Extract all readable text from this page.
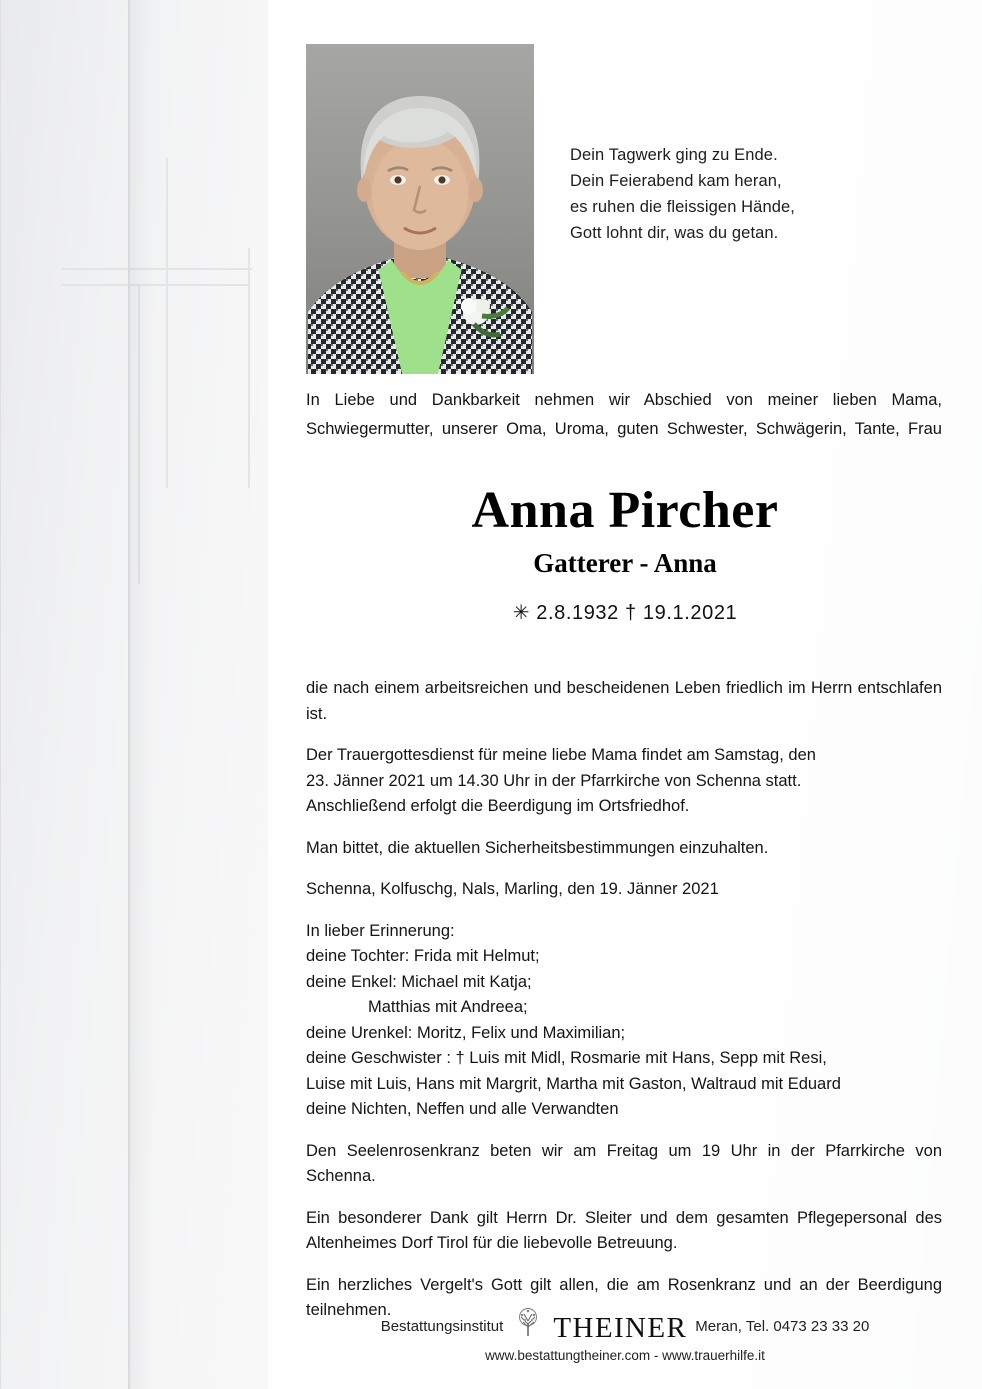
Dein Tagwerk ging zu Ende.
Dein Feierabend kam heran,
es ruhen die fleissigen Hände,
Gott lohnt dir, was du getan.
In Liebe und Dankbarkeit nehmen wir Abschied von meiner lieben Mama, Schwiegermutter, unserer Oma, Uroma, guten Schwester, Schwägerin, Tante, Frau
Anna Pircher
Gatterer - Anna
✳ 2.8.1932 † 19.1.2021
die nach einem arbeitsreichen und bescheidenen Leben friedlich im Herrn entschlafen ist.
Der Trauergottesdienst für meine liebe Mama findet am Samstag, den
23. Jänner 2021 um 14.30 Uhr in der Pfarrkirche von Schenna statt.
Anschließend erfolgt die Beerdigung im Ortsfriedhof.
Man bittet, die aktuellen Sicherheitsbestimmungen einzuhalten.
Schenna, Kolfuschg, Nals, Marling, den 19. Jänner 2021
In lieber Erinnerung:
deine Tochter: Frida mit Helmut;
deine Enkel: Michael mit Katja;
Matthias mit Andreea;
deine Urenkel: Moritz, Felix und Maximilian;
deine Geschwister : † Luis mit Midl, Rosmarie mit Hans, Sepp mit Resi,
Luise mit Luis, Hans mit Margrit, Martha mit Gaston, Waltraud mit Eduard
deine Nichten, Neffen und alle Verwandten
Den Seelenrosenkranz beten wir am Freitag um 19 Uhr in der Pfarrkirche von Schenna.
Ein besonderer Dank gilt Herrn Dr. Sleiter und dem gesamten Pflegepersonal des Altenheimes Dorf Tirol für die liebevolle Betreuung.
Ein herzliches Vergelt's Gott gilt allen, die am Rosenkranz und an der Beerdigung teilnehmen.
Bestattungsinstitut	THEINER Meran, Tel. 0473 23 33 20
www.bestattungtheiner.com - www.trauerhilfe.it
